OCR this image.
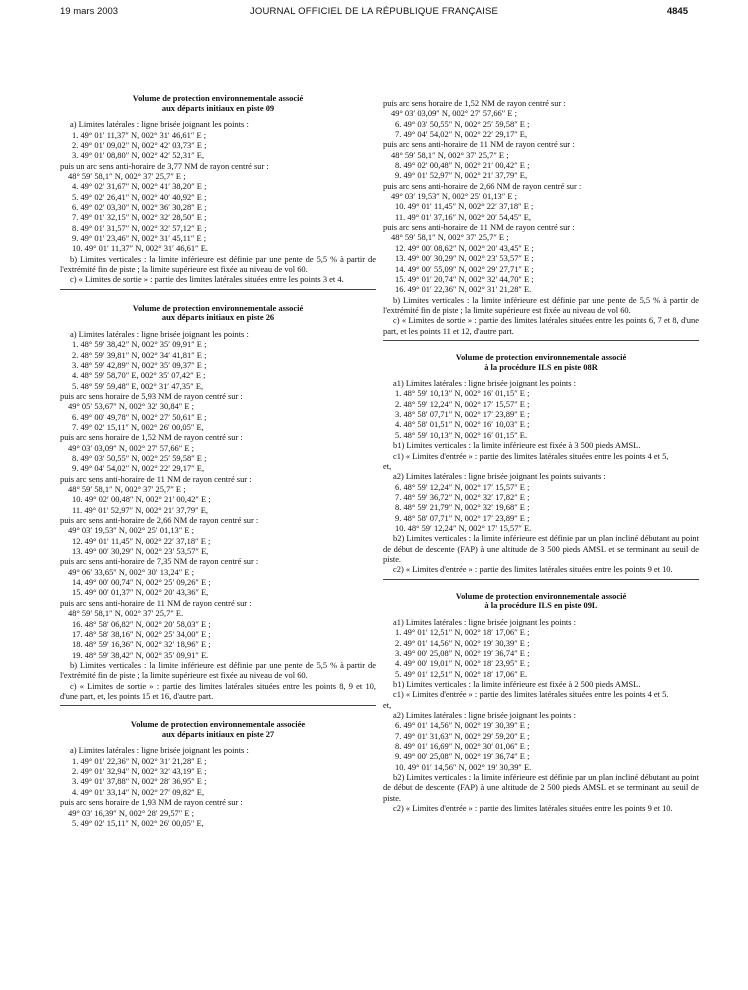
19 mars 2003	JOURNAL OFFICIEL DE LA RÉPUBLIQUE FRANÇAISE	4845

Volume de protection environnementale associé

aux départs initiaux en piste 09

a) Limites latérales : ligne brisée joignant les points :

1. 49° 01′ 11,37″ N, 002° 31′ 46,61″ E ;
2. 49° 01′ 09,02″ N, 002° 42′ 03,73″ E ;
3. 49° 01′ 08,80″ N, 002° 42′ 52,31″ E,

puis un arc sens anti-horaire de 3,77 NM de rayon centré sur :

48° 59′ 58,1″ N, 002° 37′ 25,7″ E ;

4. 49° 02′ 31,67″ N, 002° 41′ 38,20″ E ;
5. 49° 02′ 26,41″ N, 002° 40′ 40,92″ E ;
6. 49° 02′ 03,30″ N, 002° 36′ 30,28″ E ;
7. 49° 01′ 32,15″ N, 002° 32′ 28,50″ E ;
8. 49° 01′ 31,57″ N, 002° 32′ 57,12″ E ;
9. 49° 01′ 23,46″ N, 002° 31′ 45,11″ E ;
10. 49° 01′ 11,37″ N, 002° 31′ 46,61″ E.

b) Limites verticales : la limite inférieure est définie par une pente de 5,5 % à partir de l'extrémité fin de piste ; la limite supérieure est fixée au niveau de vol 60.

c) « Limites de sortie » : partie des limites latérales situées entre les points 3 et 4.

Volume de protection environnementale associé

aux départs initiaux en piste 26

a) Limites latérales : ligne brisée joignant les points :

1. 48° 59′ 38,42″ N, 002° 35′ 09,91″ E ;
2. 48° 59′ 39,81″ N, 002° 34′ 41,81″ E ;
3. 48° 59′ 42,89″ N, 002° 35′ 09,37″ E ;
4. 48° 59′ 58,70″ E, 002° 35′ 07,42″ E ;
5. 48° 59′ 59,48″ E, 002° 31′ 47,35″ E,

puis arc sens horaire de 5,93 NM de rayon centré sur :

49° 05′ 53,67″ N, 002° 32′ 30,84″ E ;

6. 49° 00′ 49,78″ N, 002° 27′ 50,61″ E ;
7. 49° 02′ 15,11″ N, 002° 26′ 00,05″ E,

puis arc sens horaire de 1,52 NM de rayon centré sur :

49° 03′ 03,09″ N, 002° 27′ 57,66″ E ;

8. 49° 03′ 50,55″ N, 002° 25′ 59,58″ E ;
9. 49° 04′ 54,02″ N, 002° 22′ 29,17″ E,

puis arc sens anti-horaire de 11 NM de rayon centré sur :

48° 59′ 58,1″ N, 002° 37′ 25,7″ E ;

10. 49° 02′ 00,48″ N, 002° 21′ 00,42″ E ;
11. 49° 01′ 52,97″ N, 002° 21′ 37,79″ E,

puis arc sens anti-horaire de 2,66 NM de rayon centré sur :

49° 03′ 19,53″ N, 002° 25′ 01,13″ E ;

12. 49° 01′ 11,45″ N, 002° 22′ 37,18″ E ;
13. 49° 00′ 30,29″ N, 002° 23′ 53,57″ E,

puis arc sens anti-horaire de 7,35 NM de rayon centré sur :

49° 06′ 33,65″ N, 002° 30′ 13,24″ E ;

14. 49° 00′ 00,74″ N, 002° 25′ 09,26″ E ;
15. 49° 00′ 01,37″ N, 002° 20′ 43,36″ E,

puis arc sens anti-horaire de 11 NM de rayon centré sur :

48° 59′ 58,1″ N, 002° 37′ 25,7″ E.

16. 48° 58′ 06,82″ N, 002° 20′ 58,03″ E ;
17. 48° 58′ 38,16″ N, 002° 25′ 34,00″ E ;
18. 48° 59′ 16,36″ N, 002° 32′ 18,96″ E ;
19. 48° 59′ 38,42″ N, 002° 35′ 09,91″ E.

b) Limites verticales : la limite inférieure est définie par une pente de 5,5 % à partir de l'extrémité fin de piste ; la limite supérieure est fixée au niveau de vol 60.

c) « Limites de sortie » : partie des limites latérales situées entre les points 8, 9 et 10, d'une part, et, les points 15 et 16, d'autre part.

Volume de protection environnementale associée

aux départs initiaux en piste 27

a) Limites latérales : ligne brisée joignant les points :

1. 49° 01′ 22,36″ N, 002° 31′ 21,28″ E ;
2. 49° 01′ 32,94″ N, 002° 32′ 43,19″ E ;
3. 49° 01′ 37,88″ N, 002° 28′ 36,95″ E ;
4. 49° 01′ 33,14″ N, 002° 27′ 09,82″ E,

puis arc sens horaire de 1,93 NM de rayon centré sur :

49° 03′ 16,39″ N, 002° 28′ 29,57″ E ;

5. 49° 02′ 15,11″ N, 002° 26′ 00,05″ E,

puis arc sens horaire de 1,52 NM de rayon centré sur :

49° 03′ 03,09″ N, 002° 27′ 57,66″ E ;

6. 49° 03′ 50,55″ N, 002° 25′ 59,58″ E ;
7. 49° 04′ 54,02″ N, 002° 22′ 29,17″ E,

puis arc sens anti-horaire de 11 NM de rayon centré sur :

48° 59′ 58,1″ N, 002° 37′ 25,7″ E ;

8. 49° 02′ 00,48″ N, 002° 21′ 00,42″ E ;
9. 49° 01′ 52,97″ N, 002° 21′ 37,79″ E,

puis arc sens anti-horaire de 2,66 NM de rayon centré sur :

49° 03′ 19,53″ N, 002° 25′ 01,13″ E ;

10. 49° 01′ 11,45″ N, 002° 22′ 37,18″ E ;
11. 49° 01′ 37,16″ N, 002° 20′ 54,45″ E,

puis arc sens anti-horaire de 11 NM de rayon centré sur :

48° 59′ 58,1″ N, 002° 37′ 25,7″ E ;

12. 49° 00′ 08,62″ N, 002° 20′ 43,45″ E ;
13. 49° 00′ 30,29″ N, 002° 23′ 53,57″ E ;
14. 49° 00′ 55,09″ N, 002° 29′ 27,71″ E ;
15. 49° 01′ 20,74″ N, 002° 32′ 44,70″ E ;
16. 49° 01′ 22,36″ N, 002° 31′ 21,28″ E.

b) Limites verticales : la limite inférieure est définie par une pente de 5,5 % à partir de l'extrémité fin de piste ; la limite supérieure est fixée au niveau de vol 60.

c) « Limites de sortie » : partie des limites latérales situées entre les points 6, 7 et 8, d'une part, et les points 11 et 12, d'autre part.

Volume de protection environnementale associé

à la procédure ILS en piste 08R

a1) Limites latérales : ligne brisée joignant les points :

1. 48° 59′ 10,13″ N, 002° 16′ 01,15″ E ;
2. 48° 59′ 12,24″ N, 002° 17′ 15,57″ E ;
3. 48° 58′ 07,71″ N, 002° 17′ 23,89″ E ;
4. 48° 58′ 01,51″ N, 002° 16′ 10,03″ E ;
5. 48° 59′ 10,13″ N, 002° 16′ 01,15″ E.

b1) Limites verticales : la limite inférieure est fixée à 3 500 pieds AMSL.

c1) « Limites d'entrée » : partie des limites latérales situées entre les points 4 et 5,

et,

a2) Limites latérales : ligne brisée joignant les points suivants :

6. 48° 59′ 12,24″ N, 002° 17′ 15,57″ E ;
7. 48° 59′ 36,72″ N, 002° 32′ 17,82″ E ;
8. 48° 59′ 21,79″ N, 002° 32′ 19,68″ E ;
9. 48° 58′ 07,71″ N, 002° 17′ 23,89″ E ;
10. 48° 59′ 12,24″ N, 002° 17′ 15,57″ E.

b2) Limites verticales : la limite inférieure est définie par un plan incliné débutant au point de début de descente (FAP) à une altitude de 3 500 pieds AMSL et se terminant au seuil de piste.

c2) « Limites d'entrée » : partie des limites latérales situées entre les points 9 et 10.

Volume de protection environnementale associé

à la procédure ILS en piste 09L

a1) Limites latérales : ligne brisée joignant les points :

1. 49° 01′ 12,51″ N, 002° 18′ 17,06″ E ;
2. 49° 01′ 14,56″ N, 002° 19′ 30,39″ E ;
3. 49° 00′ 25,08″ N, 002° 19′ 36,74″ E ;
4. 49° 00′ 19,01″ N, 002° 18′ 23,95″ E ;
5. 49° 01′ 12,51″ N, 002° 18′ 17,06″ E.

b1) Limites verticales : la limite inférieure est fixée à 2 500 pieds AMSL.

c1) « Limites d'entrée » : partie des limites latérales situées entre les points 4 et 5.

et,

a2) Limites latérales : ligne brisée joignant les points :

6. 49° 01′ 14,56″ N, 002° 19′ 30,39″ E ;
7. 49° 01′ 31,63″ N, 002° 29′ 59,20″ E ;
8. 49° 01′ 16,69″ N, 002° 30′ 01,06″ E ;
9. 49° 00′ 25,08″ N, 002° 19′ 36,74″ E ;
10. 49° 01′ 14,56″ N, 002° 19′ 30,39″ E.

b2) Limites verticales : la limite inférieure est définie par un plan incliné débutant au point de début de descente (FAP) à une altitude de 2 500 pieds AMSL et se terminant au seuil de piste.

c2) « Limites d'entrée » : partie des limites latérales situées entre les points 9 et 10.
